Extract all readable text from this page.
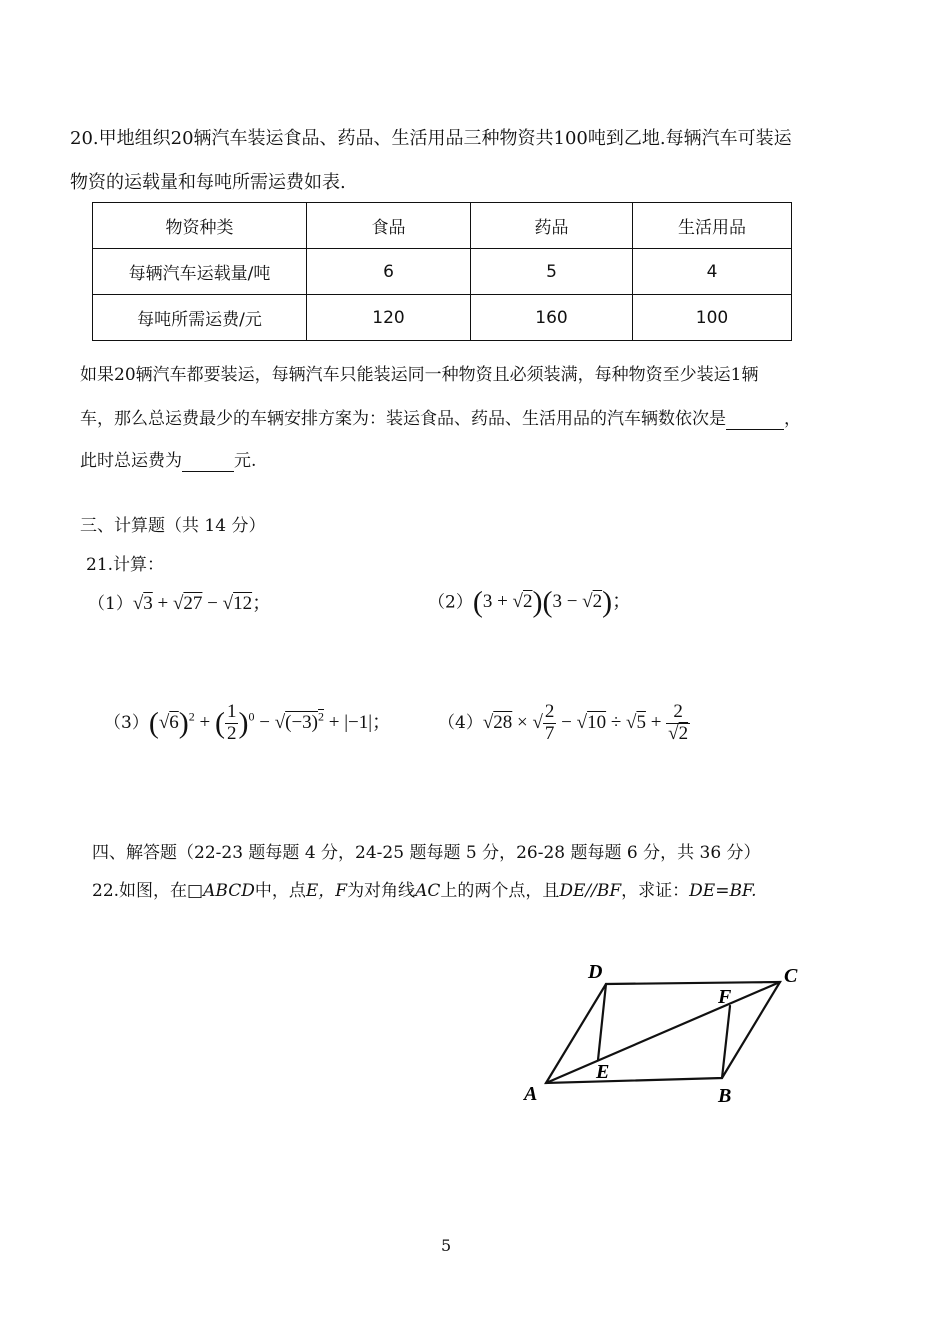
20.甲地组织20辆汽车装运食品、药品、生活用品三种物资共100吨到乙地.每辆汽车可装运
物资的运载量和每吨所需运费如表.
物资种类	食品	药品	生活用品
每辆汽车运载量/吨	6	5	4
每吨所需运费/元	120	160	100
如果20辆汽车都要装运，每辆汽车只能装运同一种物资且必须装满，每种物资至少装运1辆
车，那么总运费最少的车辆安排方案为：装运食品、药品、生活用品的汽车辆数依次是	，
此时总运费为	元.
三、计算题（共 14 分）
21.计算：
（1）√3 + √27 − √12；	（2）(3 + √2)(3 − √2)；
$(3)(√6)^2$ + ( $\frac{1}{2} )^0 - √(-3)^2 + |-1|$；	（4）√28 × √ $\frac{2}{7} - √10 \div √5 + \frac{2}{√2}$
四、解答题（22-23 题每题 4 分，24-25 题每题 5 分，26-28 题每题 6 分，共 36 分）
22.如图，在□ABCD中，点E，F为对角线AC上的两个点，且DE//BF，求证：DE=BF.
A	B
C
D
E
F
5
